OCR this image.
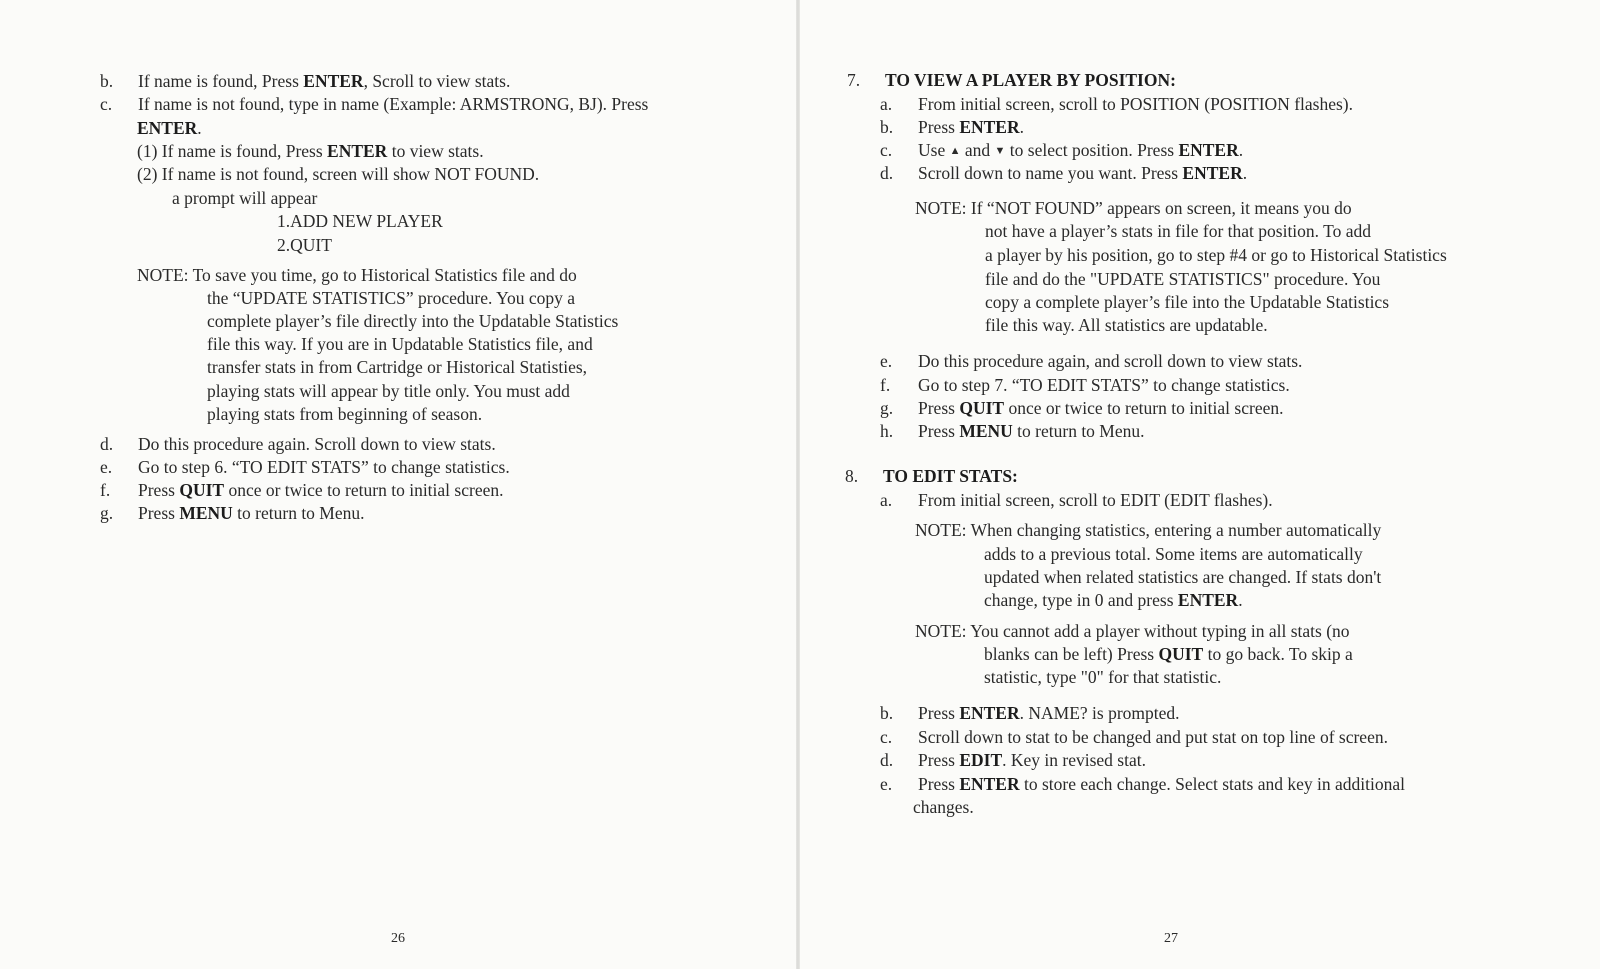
b. If name is found, Press ENTER, Scroll to view stats.
c. If name is not found, type in name (Example: ARMSTRONG, BJ). Press
ENTER.
(1) If name is found, Press ENTER to view stats.
(2) If name is not found, screen will show NOT FOUND.
a prompt will appear
1.ADD NEW PLAYER
2.QUIT
NOTE: To save you time, go to Historical Statistics file and do
the “UPDATE STATISTICS” procedure. You copy a
complete player’s file directly into the Updatable Statistics
file this way. If you are in Updatable Statistics file, and
transfer stats in from Cartridge or Historical Statisties,
playing stats will appear by title only. You must add
playing stats from beginning of season.
d. Do this procedure again. Scroll down to view stats.
e. Go to step 6. “TO EDIT STATS” to change statistics.
f. Press QUIT once or twice to return to initial screen.
g. Press MENU to return to Menu.
7. TO VIEW A PLAYER BY POSITION:
a. From initial screen, scroll to POSITION (POSITION flashes).
b. Press ENTER.
c. Use ▲ and ▼ to select position. Press ENTER.
d. Scroll down to name you want. Press ENTER.
NOTE: If “NOT FOUND” appears on screen, it means you do
not have a player’s stats in file for that position. To add
a player by his position, go to step #4 or go to Historical Statistics
file and do the "UPDATE STATISTICS" procedure. You
copy a complete player’s file into the Updatable Statistics
file this way. All statistics are updatable.
e. Do this procedure again, and scroll down to view stats.
f. Go to step 7. “TO EDIT STATS” to change statistics.
g. Press QUIT once or twice to return to initial screen.
h. Press MENU to return to Menu.
8. TO EDIT STATS:
a. From initial screen, scroll to EDIT (EDIT flashes).
NOTE: When changing statistics, entering a number automatically
adds to a previous total. Some items are automatically
updated when related statistics are changed. If stats don't
change, type in 0 and press ENTER.
NOTE: You cannot add a player without typing in all stats (no
blanks can be left) Press QUIT to go back. To skip a
statistic, type "0" for that statistic.
b. Press ENTER. NAME? is prompted.
c. Scroll down to stat to be changed and put stat on top line of screen.
d. Press EDIT. Key in revised stat.
e. Press ENTER to store each change. Select stats and key in additional
changes.
26	27
